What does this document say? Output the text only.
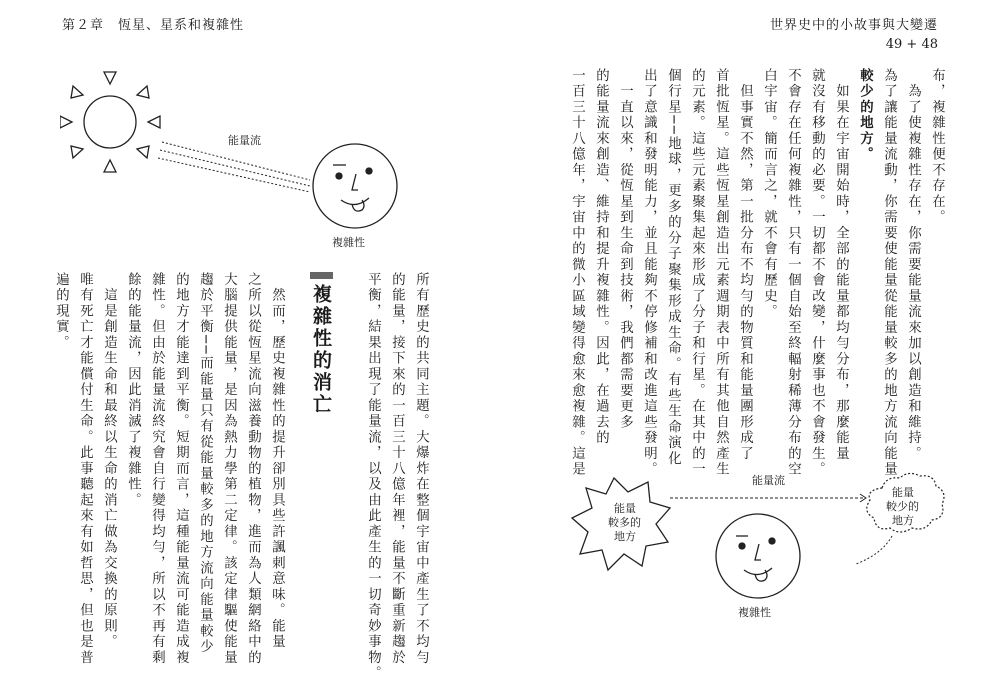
第２章　恆星、星系和複雜性	世界史中的小故事與大變遷
49 + 48
能量流
複雜性
能量
較多的
地方
能量流
能量
較少的
地方
複雜性
布，複雜性便不存在。
　為了使複雜性存在，你需要能量流來加以創造和維持。
為了讓能量流動，你需要使能量從能量較多的地方流向能量
較少的地方。
　如果在宇宙開始時，全部的能量都均勻分布，那麼能量
就沒有移動的必要。一切都不會改變，什麼事也不會發生。
不會存在任何複雜性，只有一個自始至終輻射稀薄分布的空
白宇宙。簡而言之，就不會有歷史。
　但事實不然，第一批分布不均勻的物質和能量團形成了
首批恆星。這些恆星創造出元素週期表中所有其他自然產生
的元素。這些元素聚集起來形成了分子和行星。在其中的一
個行星──地球，更多的分子聚集形成生命。有些生命演化
出了意識和發明能力，並且能夠不停修補和改進這些發明。
　一直以來，從恆星到生命到技術，我們都需要更多
的能量流來創造、維持和提升複雜性。因此，在過去的
一百三十八億年，宇宙中的微小區域變得愈來愈複雜。這是
所有歷史的共同主題。大爆炸在整個宇宙中產生了不均勻
的能量，接下來的一百三十八億年裡，能量不斷重新趨於
平衡，結果出現了能量流，以及由此產生的一切奇妙事物。
複雜性的消亡
　然而，歷史複雜性的提升卻別具些許諷刺意味。能量
之所以從恆星流向滋養動物的植物，進而為人類網絡中的
大腦提供能量，是因為熱力學第二定律。該定律驅使能量
趨於平衡──而能量只有從能量較多的地方流向能量較少
的地方才能達到平衡。短期而言，這種能量流可能造成複
雜性。但由於能量流終究會自行變得均勻，所以不再有剩
餘的能量流，因此消滅了複雜性。
　這是創造生命和最終以生命的消亡做為交換的原則。
唯有死亡才能償付生命。此事聽起來有如哲思，但也是普
遍的現實。
